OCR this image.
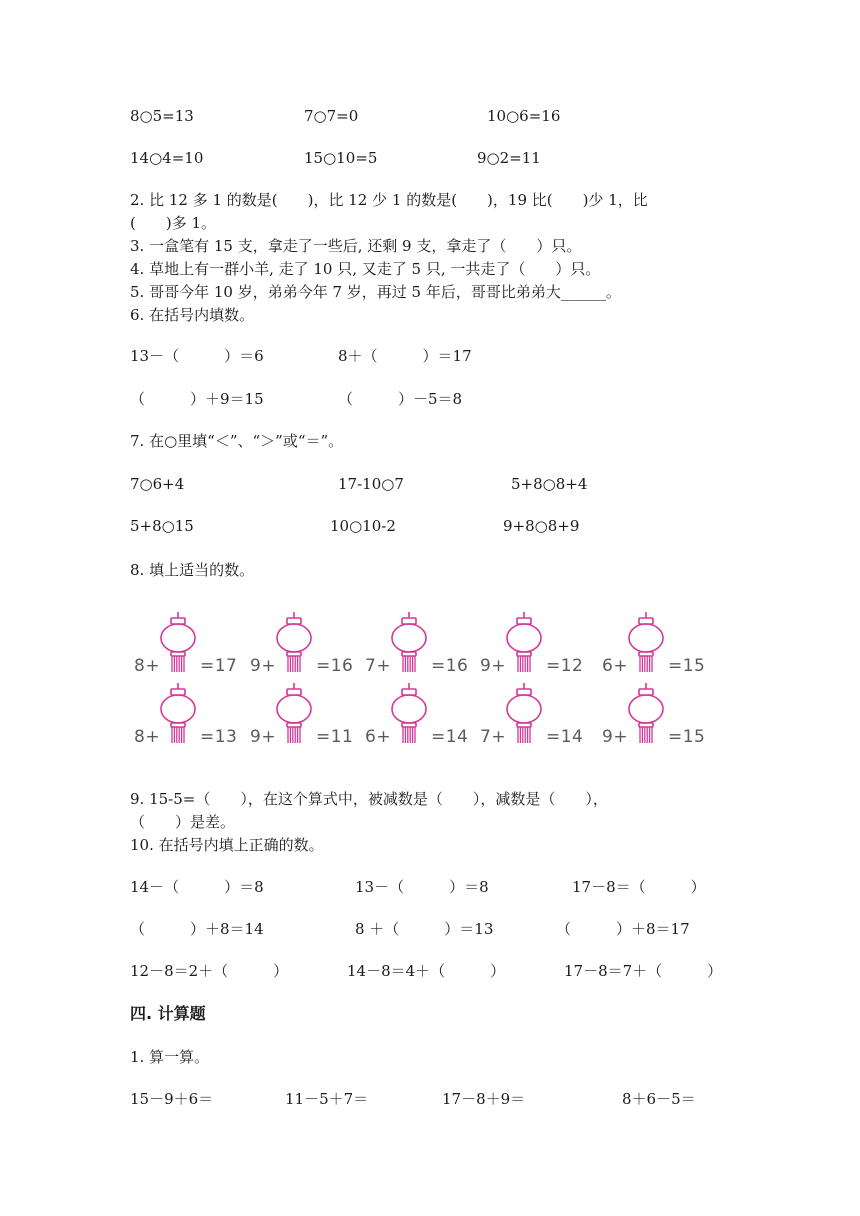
8○5=13	7○7=0	10○6=16
14○4=10	15○10=5	9○2=11
2. 比 12 多 1 的数是(　　)，比 12 少 1 的数是(　　)，19 比(　　)少 1，比
(　　)多 1。
3. 一盒笔有 15 支，拿走了一些后, 还剩 9 支，拿走了（　　）只。
4. 草地上有一群小羊, 走了 10 只, 又走了 5 只, 一共走了（　　）只。
5. 哥哥今年 10 岁，弟弟今年 7 岁，再过 5 年后，哥哥比弟弟大______。
6. 在括号内填数。
13－（　　　）＝6	8＋（　　　）＝17
（　　　）＋9＝15	（　　　）－5＝8
7. 在○里填“＜”、“＞”或“＝”。
7○6+4	17-10○7	5+8○8+4
5+8○15	10○10-2	9+8○8+9
8. 填上适当的数。
8+ =17 9+ =16 7+ =16 9+ =12 6+ =15
8+ =13 9+ =11 6+ =14 7+ =14 9+ =15
9. 15-5=（　　），在这个算式中，被减数是（　　），减数是（　　），
（　　）是差。
10. 在括号内填上正确的数。
14－（　　　）＝8	13－（　　　）＝8	17－8＝（　　　）
（　　　）＋8＝14	8 ＋（　　　）＝13	（　　　）＋8＝17
12－8＝2＋（　　　）	14－8＝4＋（　　　）	17－8＝7＋（　　　）
四. 计算题
1. 算一算。
15－9＋6＝	11－5＋7＝	17－8＋9＝	8＋6－5＝
